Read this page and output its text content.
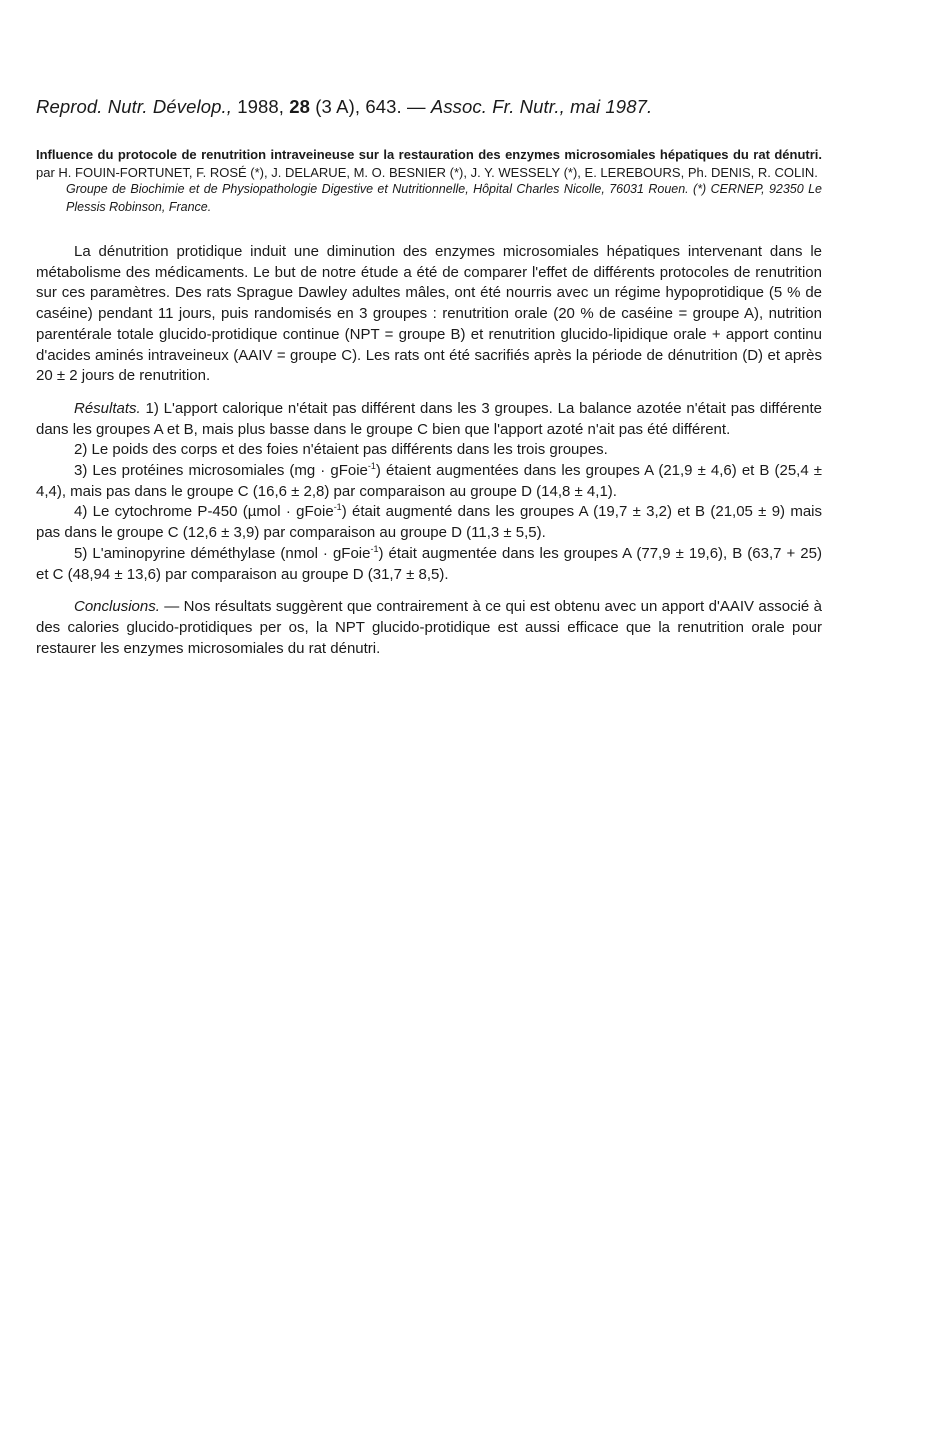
Reprod. Nutr. Dévelop., 1988, 28 (3 A), 643. — Assoc. Fr. Nutr., mai 1987.

Influence du protocole de renutrition intraveineuse sur la restauration des enzymes microsomiales hépatiques du rat dénutri. par H. FOUIN-FORTUNET, F. ROSÉ (*), J. DELARUE, M. O. BESNIER (*), J. Y. WESSELY (*), E. LEREBOURS, Ph. DENIS, R. COLIN.

Groupe de Biochimie et de Physiopathologie Digestive et Nutritionnelle, Hôpital Charles Nicolle, 76031 Rouen. (*) CERNEP, 92350 Le Plessis Robinson, France.

La dénutrition protidique induit une diminution des enzymes microsomiales hépatiques intervenant dans le métabolisme des médicaments. Le but de notre étude a été de comparer l'effet de différents protocoles de renutrition sur ces paramètres. Des rats Sprague Dawley adultes mâles, ont été nourris avec un régime hypoprotidique (5 % de caséine) pendant 11 jours, puis randomisés en 3 groupes : renutrition orale (20 % de caséine = groupe A), nutrition parentérale totale glucido-protidique continue (NPT = groupe B) et renutrition glucido-lipidique orale + apport continu d'acides aminés intraveineux (AAIV = groupe C). Les rats ont été sacrifiés après la période de dénutrition (D) et après 20 ± 2 jours de renutrition.

Résultats. 1) L'apport calorique n'était pas différent dans les 3 groupes. La balance azotée n'était pas différente dans les groupes A et B, mais plus basse dans le groupe C bien que l'apport azoté n'ait pas été différent.

2) Le poids des corps et des foies n'étaient pas différents dans les trois groupes.

3) Les protéines microsomiales (mg · gFoie$^{-1}$) étaient augmentées dans les groupes A (21,9 ± 4,6) et B (25,4 ± 4,4), mais pas dans le groupe C (16,6 ± 2,8) par comparaison au groupe D (14,8 ± 4,1).

4) Le cytochrome P-450 (µmol · gFoie$^{-1}$) était augmenté dans les groupes A (19,7 ± 3,2) et B (21,05 ± 9) mais pas dans le groupe C (12,6 ± 3,9) par comparaison au groupe D (11,3 ± 5,5).

5) L'aminopyrine déméthylase (nmol · gFoie$^{-1}$) était augmentée dans les groupes A (77,9 ± 19,6), B (63,7 + 25) et C (48,94 ± 13,6) par comparaison au groupe D (31,7 ± 8,5).

Conclusions. — Nos résultats suggèrent que contrairement à ce qui est obtenu avec un apport d'AAIV associé à des calories glucido-protidiques per os, la NPT glucido-protidique est aussi efficace que la renutrition orale pour restaurer les enzymes microsomiales du rat dénutri.
